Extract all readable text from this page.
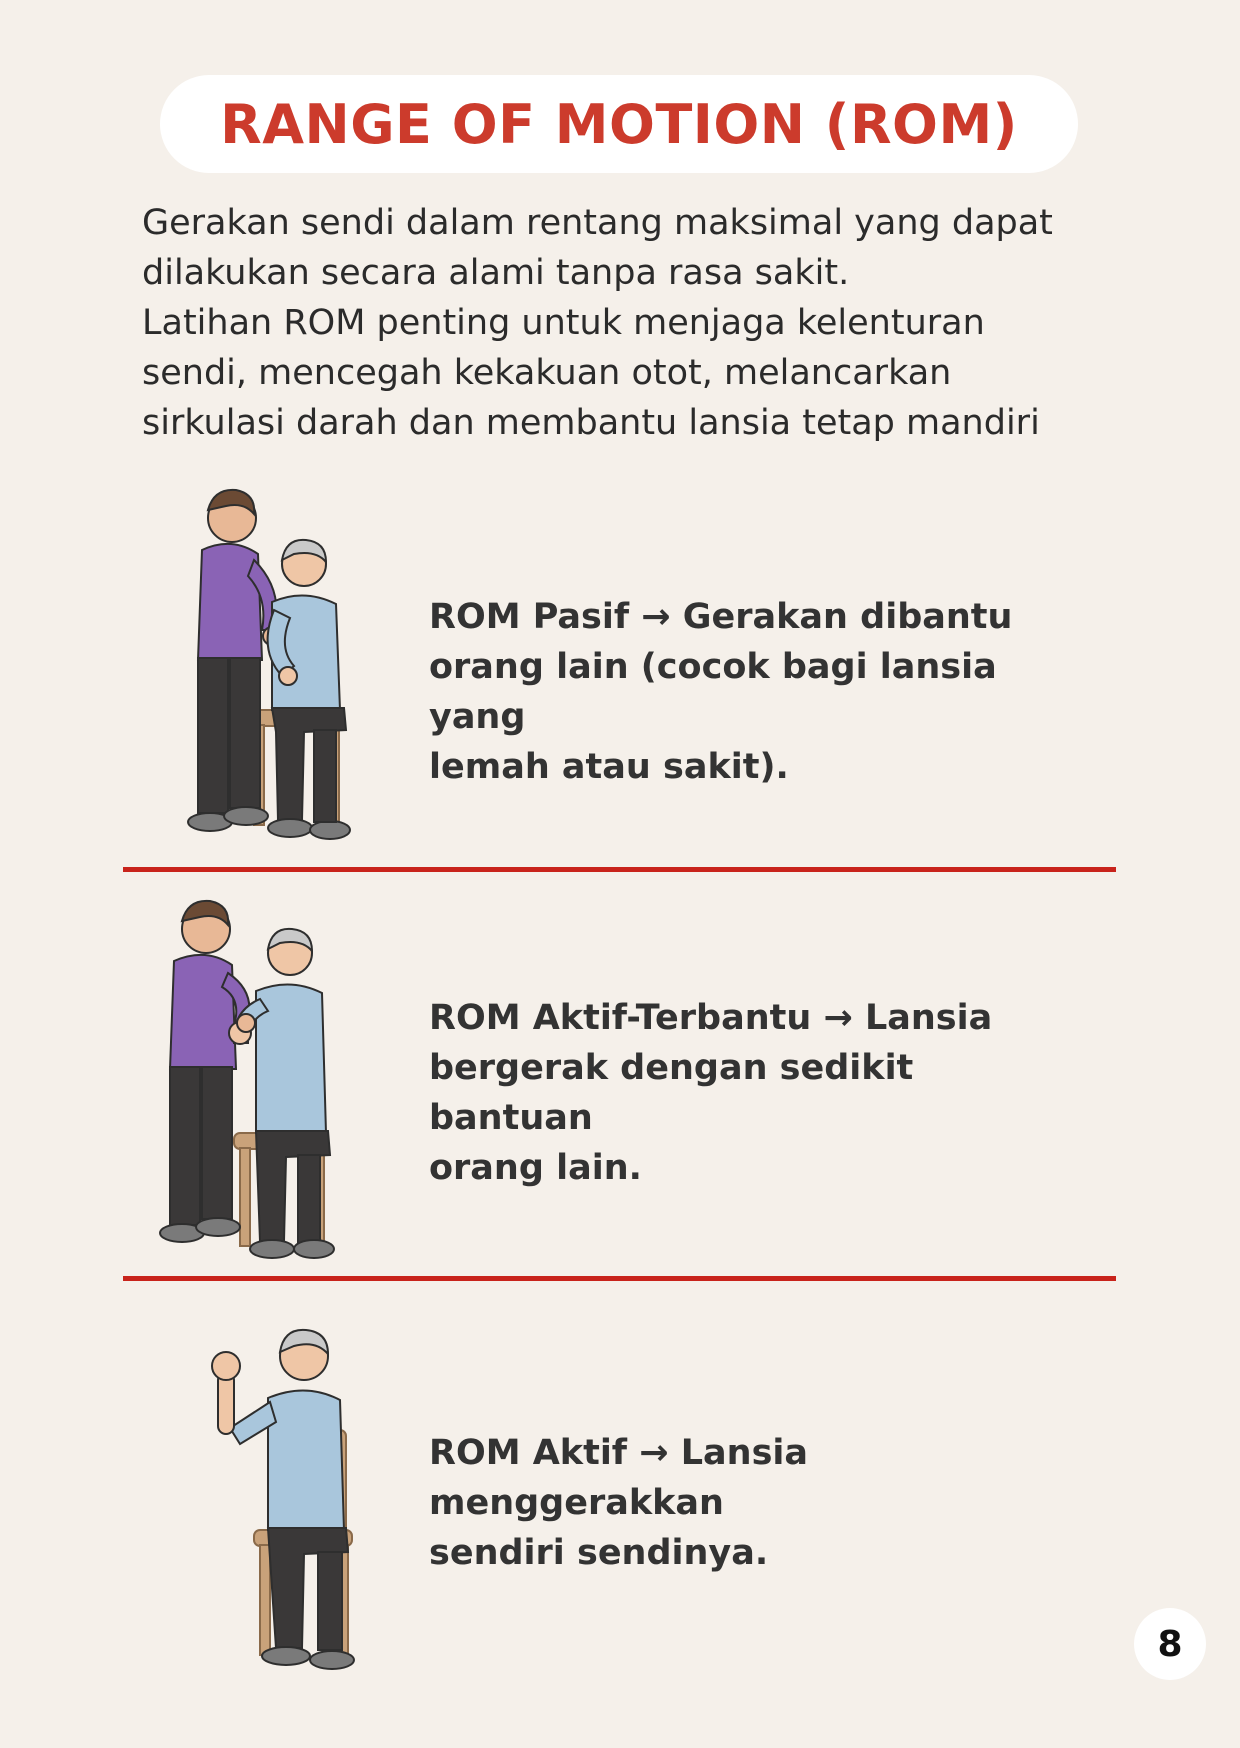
RANGE OF MOTION (ROM)

Gerakan sendi dalam rentang maksimal yang dapat

dilakukan secara alami tanpa rasa sakit.

Latihan ROM penting untuk menjaga kelenturan

sendi, mencegah kekakuan otot, melancarkan

sirkulasi darah dan membantu lansia tetap mandiri

ROM Pasif → Gerakan dibantu
orang lain (cocok bagi lansia yang
lemah atau sakit).
ROM Aktif-Terbantu → Lansia
bergerak dengan sedikit bantuan
orang lain.
ROM Aktif → Lansia menggerakkan
sendiri sendinya.
8
